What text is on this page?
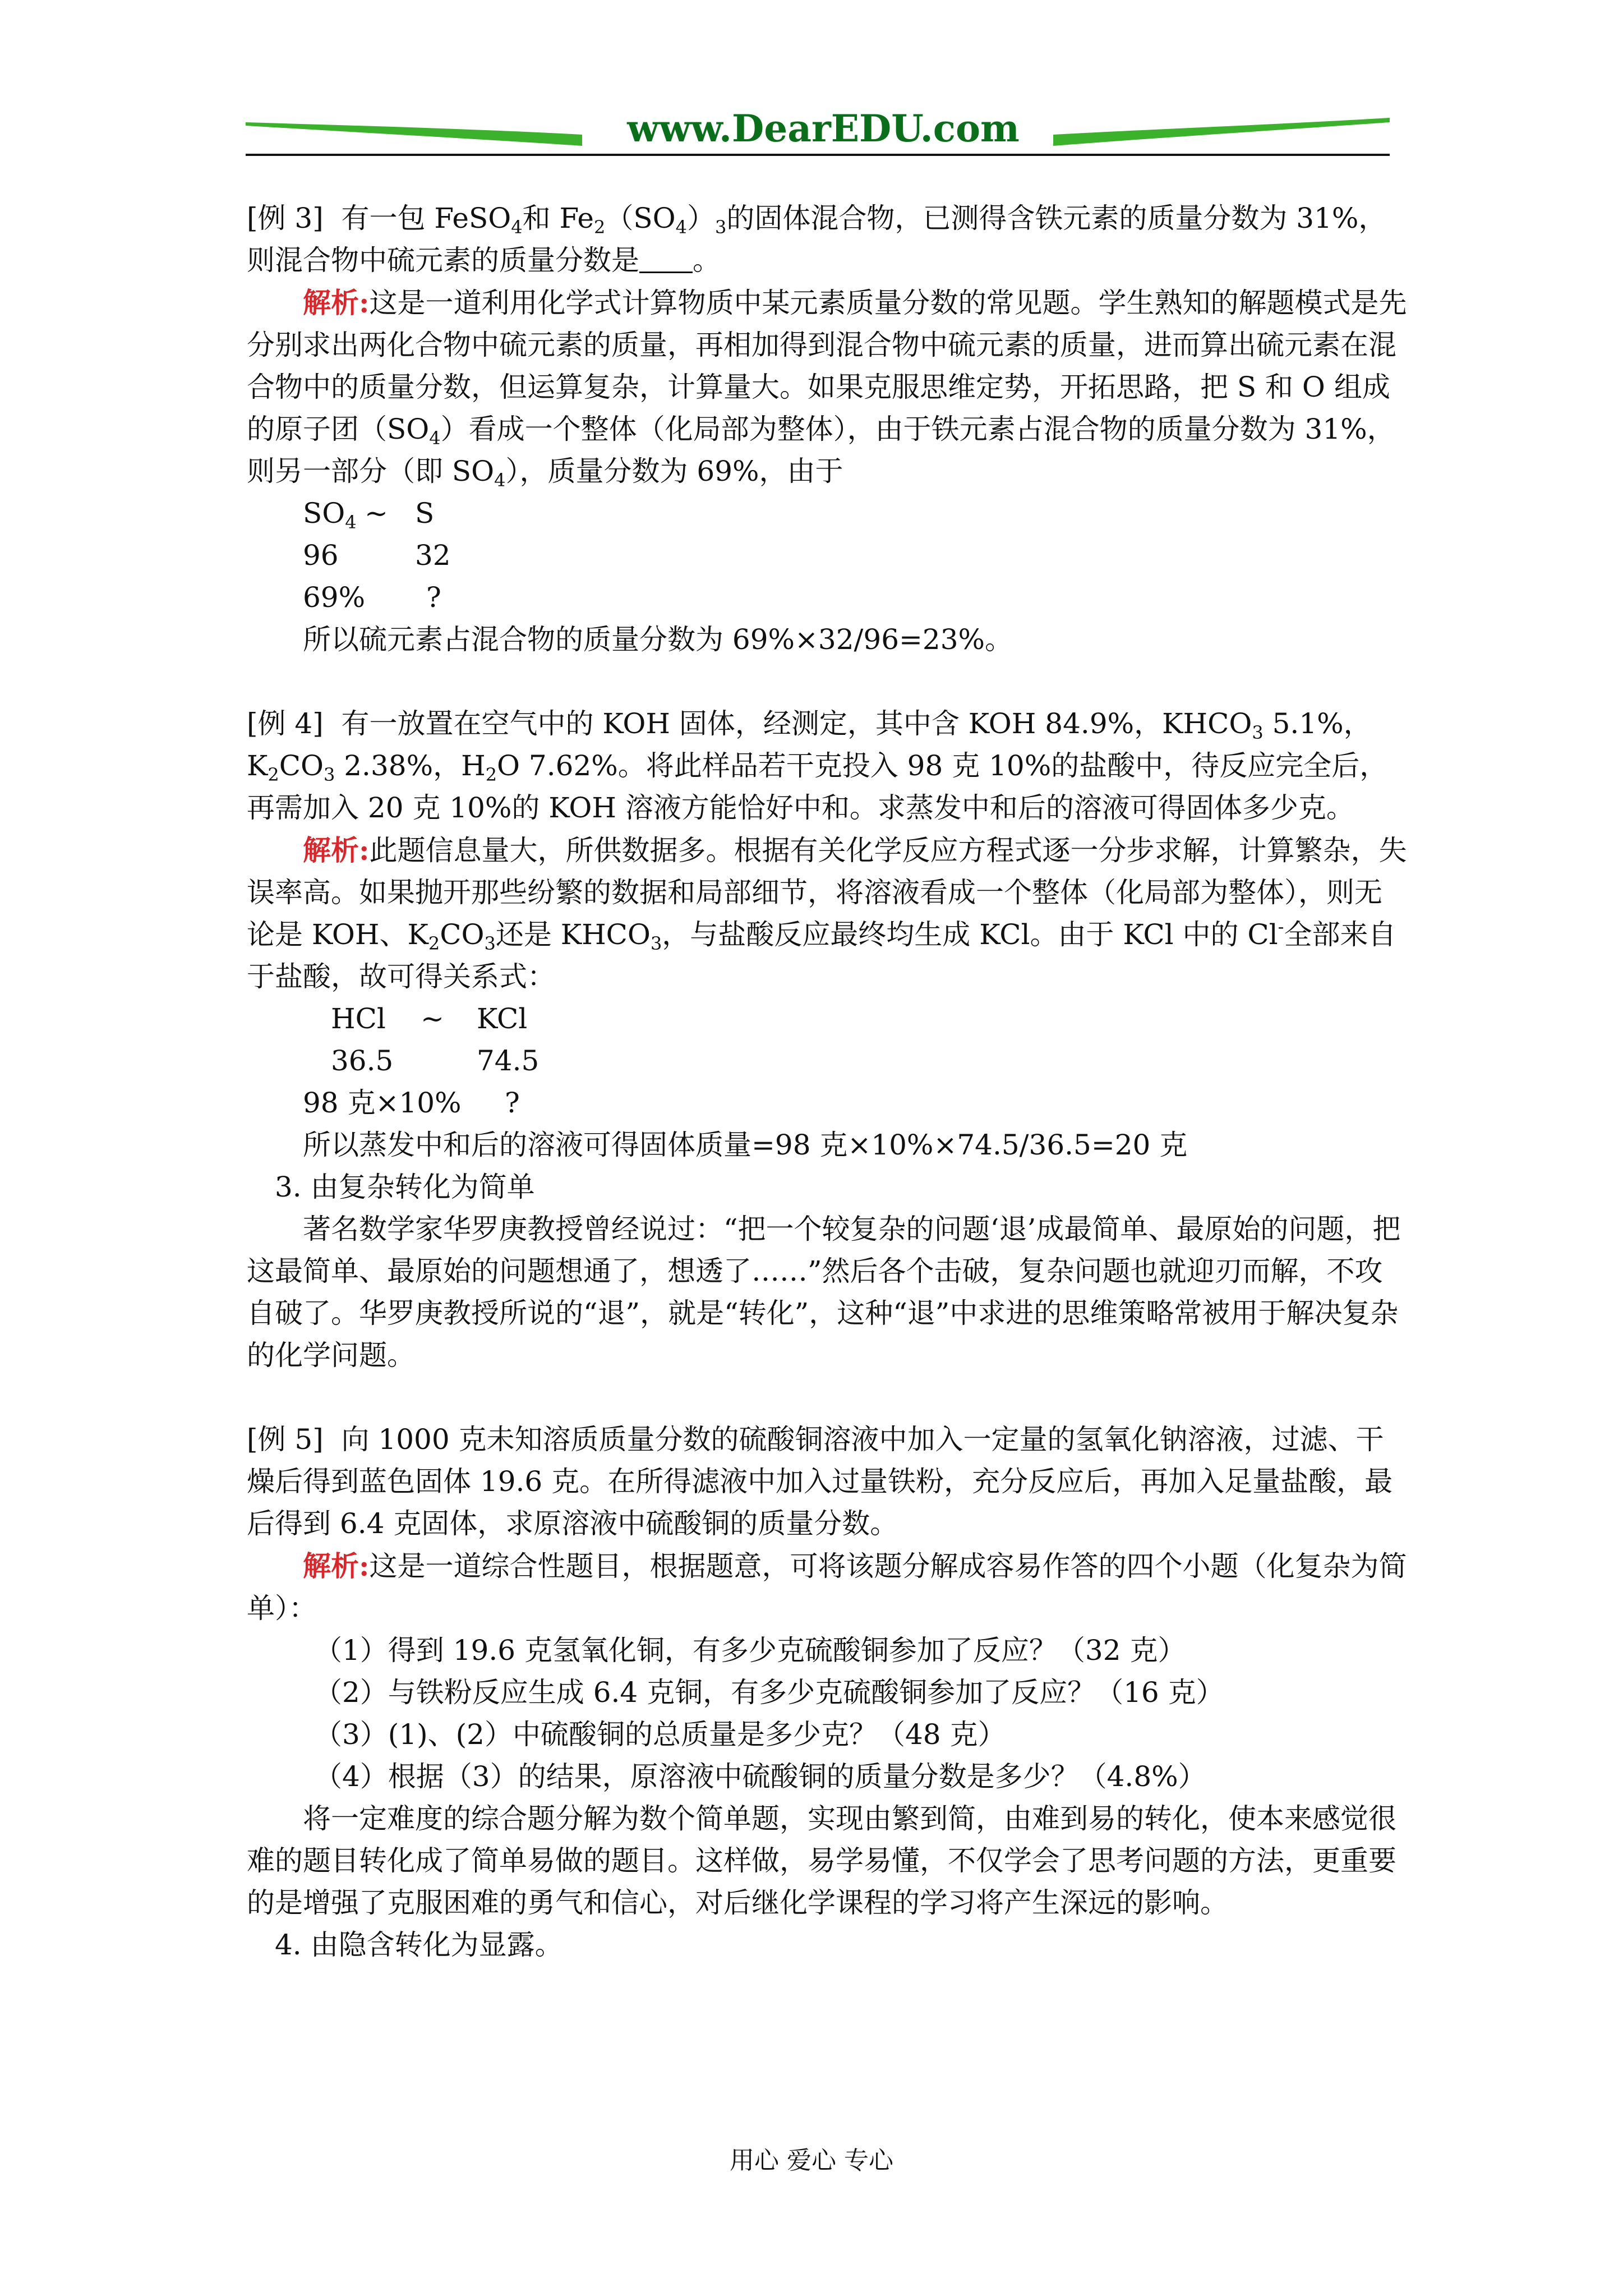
www.DearEDU.com

[例 3] 有一包 FeSO$_4$和 $Fe_2(SO_4)_3$的固体混合物，已测得含铁元素的质量分数为 31%，则混合物中硫元素的质量分数是 。

解析:这是一道利用化学式计算物质中某元素质量分数的常见题。学生熟知的解题模式是先分别求出两化合物中硫元素的质量，再相加得到混合物中硫元素的质量，进而算出硫元素在混合物中的质量分数，但运算复杂，计算量大。如果克服思维定势，开拓思路，把 S 和 O 组成的原子团$(SO_4)$看成一个整体（化局部为整体），由于铁元素占混合物的质量分数为 31%，则另一部分（即 $SO_4$），质量分数为 69%，由于

$SO_4$ ~ S

96	32

69% ?

所以硫元素占混合物的质量分数为 69%×32/96=23%。

[例 4] 有一放置在空气中的 KOH 固体，经测定，其中含 KOH 84.9%，$KHCO_3$ 5.1%，$K_2CO_3$ 2.38%，$H_2O$ 7.62%。将此样品若干克投入 98 克 10%的盐酸中，待反应完全后，再需加入 20 克 10%的 KOH 溶液方能恰好中和。求蒸发中和后的溶液可得固体多少克。

解析:此题信息量大，所供数据多。根据有关化学反应方程式逐一分步求解，计算繁杂，失误率高。如果抛开那些纷繁的数据和局部细节，将溶液看成一个整体（化局部为整体），则无论是 KOH、$K_2CO_3$还是 $KHCO_3$，与盐酸反应最终均生成 KCl。由于 KCl 中的 Cl-全部来自于盐酸，故可得关系式：

HCl ~ KCl

36.5	74.5

98 克×10% ?

所以蒸发中和后的溶液可得固体质量=98 克×10%×74.5/36.5=20 克

3. 由复杂转化为简单

著名数学家华罗庚教授曾经说过：“把一个较复杂的问题‘退’成最简单、最原始的问题，把这最简单、最原始的问题想通了，想透了……”然后各个击破，复杂问题也就迎刃而解，不攻自破了。华罗庚教授所说的“退”，就是“转化”，这种“退”中求进的思维策略常被用于解决复杂的化学问题。

[例 5] 向 1000 克未知溶质质量分数的硫酸铜溶液中加入一定量的氢氧化钠溶液，过滤、干燥后得到蓝色固体 19.6 克。在所得滤液中加入过量铁粉，充分反应后，再加入足量盐酸，最后得到 6.4 克固体，求原溶液中硫酸铜的质量分数。

解析:这是一道综合性题目，根据题意，可将该题分解成容易作答的四个小题（化复杂为简单）：

（1）得到 19.6 克氢氧化铜，有多少克硫酸铜参加了反应？（32 克）

（2）与铁粉反应生成 6.4 克铜，有多少克硫酸铜参加了反应？（16 克）

（3）(1)、(2）中硫酸铜的总质量是多少克？（48 克）

（4）根据（3）的结果，原溶液中硫酸铜的质量分数是多少？（4.8%）

将一定难度的综合题分解为数个简单题，实现由繁到简，由难到易的转化，使本来感觉很难的题目转化成了简单易做的题目。这样做，易学易懂，不仅学会了思考问题的方法，更重要的是增强了克服困难的勇气和信心，对后继化学课程的学习将产生深远的影响。

4. 由隐含转化为显露。

用心 爱心 专心
